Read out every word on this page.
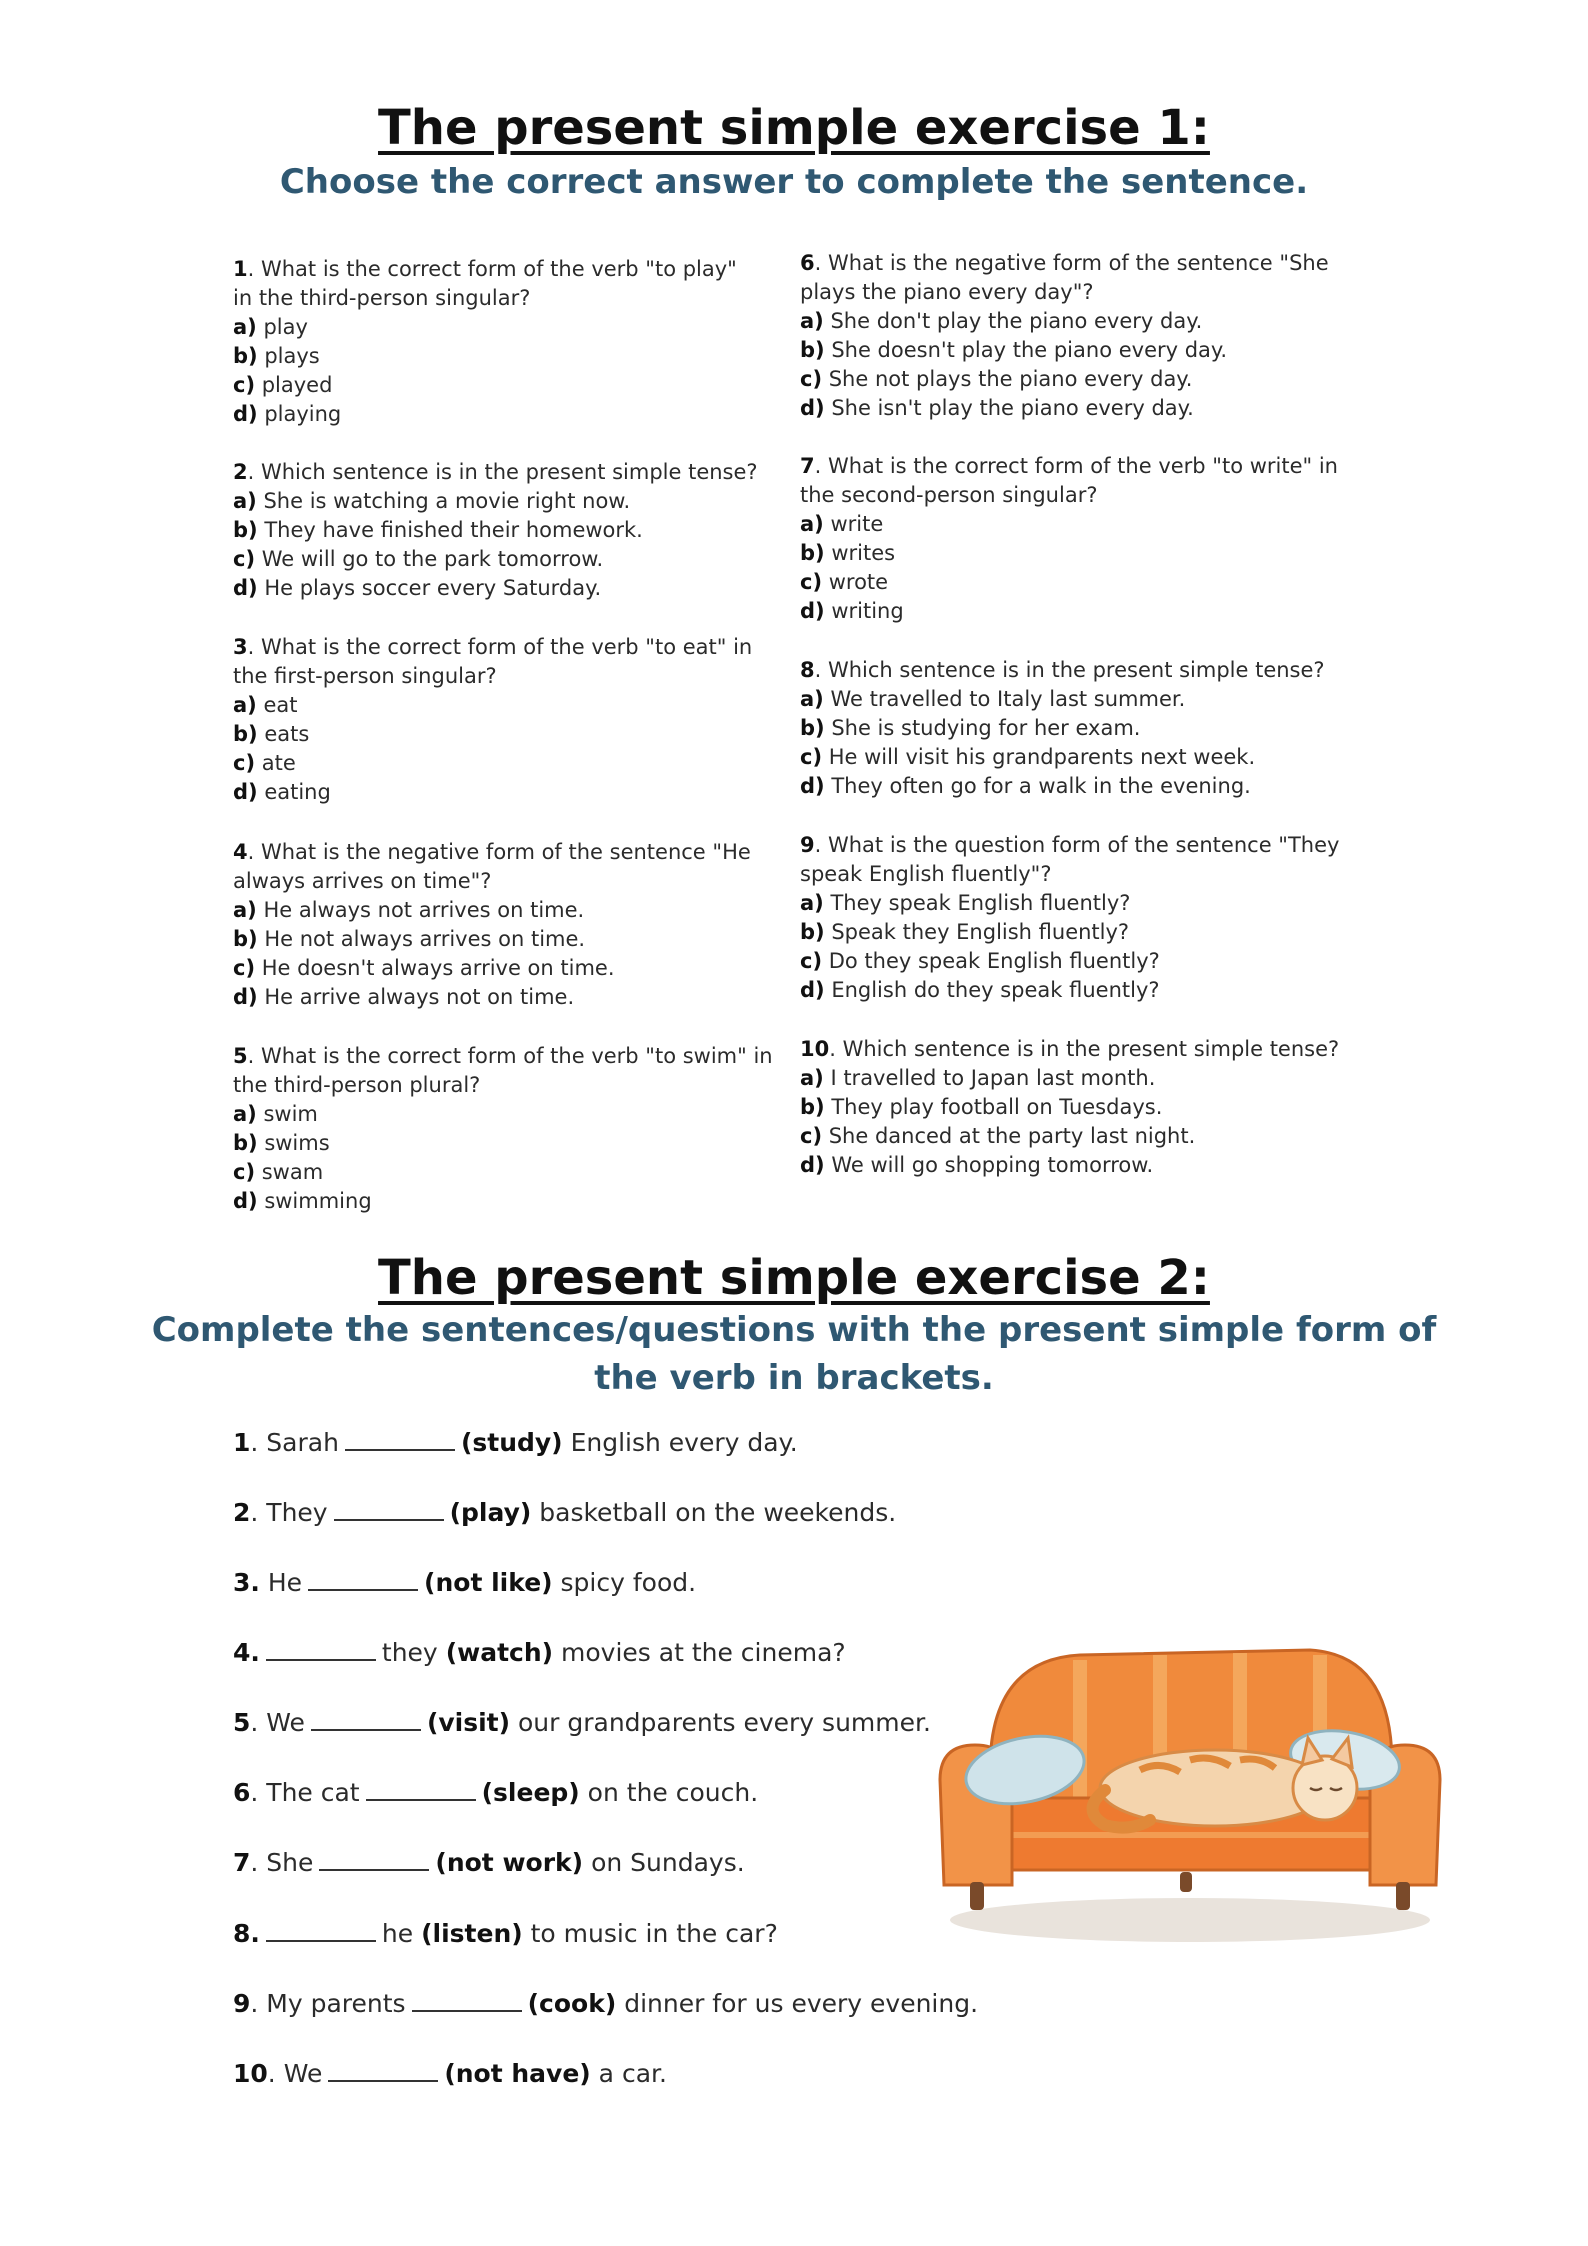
The present simple exercise 1:
Choose the correct answer to complete the sentence.

1. What is the correct form of the verb "to play" in the third-person singular?

a) play

b) plays

c) played

d) playing

2. Which sentence is in the present simple tense?

a) She is watching a movie right now.

b) They have finished their homework.

c) We will go to the park tomorrow.

d) He plays soccer every Saturday.

3. What is the correct form of the verb "to eat" in the first-person singular?

a) eat

b) eats

c) ate

d) eating

4. What is the negative form of the sentence "He always arrives on time"?

a) He always not arrives on time.

b) He not always arrives on time.

c) He doesn't always arrive on time.

d) He arrive always not on time.

5. What is the correct form of the verb "to swim" in the third-person plural?

a) swim

b) swims

c) swam

d) swimming

6. What is the negative form of the sentence "She plays the piano every day"?

a) She don't play the piano every day.

b) She doesn't play the piano every day.

c) She not plays the piano every day.

d) She isn't play the piano every day.

7. What is the correct form of the verb "to write" in the second-person singular?

a) write

b) writes

c) wrote

d) writing

8. Which sentence is in the present simple tense?

a) We travelled to Italy last summer.

b) She is studying for her exam.

c) He will visit his grandparents next week.

d) They often go for a walk in the evening.

9. What is the question form of the sentence "They speak English fluently"?

a) They speak English fluently?

b) Speak they English fluently?

c) Do they speak English fluently?

d) English do they speak fluently?

10. Which sentence is in the present simple tense?

a) I travelled to Japan last month.

b) They play football on Tuesdays.

c) She danced at the party last night.

d) We will go shopping tomorrow.

The present simple exercise 2:
Complete the sentences/questions with the present simple form of
the verb in brackets.
1. Sarah	(study) English every day.
2. They	(play) basketball on the weekends.
3. He	(not like) spicy food.
4.	they (watch) movies at the cinema?
5. We	(visit) our grandparents every summer.
6. The cat	(sleep) on the couch.
7. She	(not work) on Sundays.
8.	he (listen) to music in the car?
9. My parents	(cook) dinner for us every evening.
10. We	(not have) a car.
